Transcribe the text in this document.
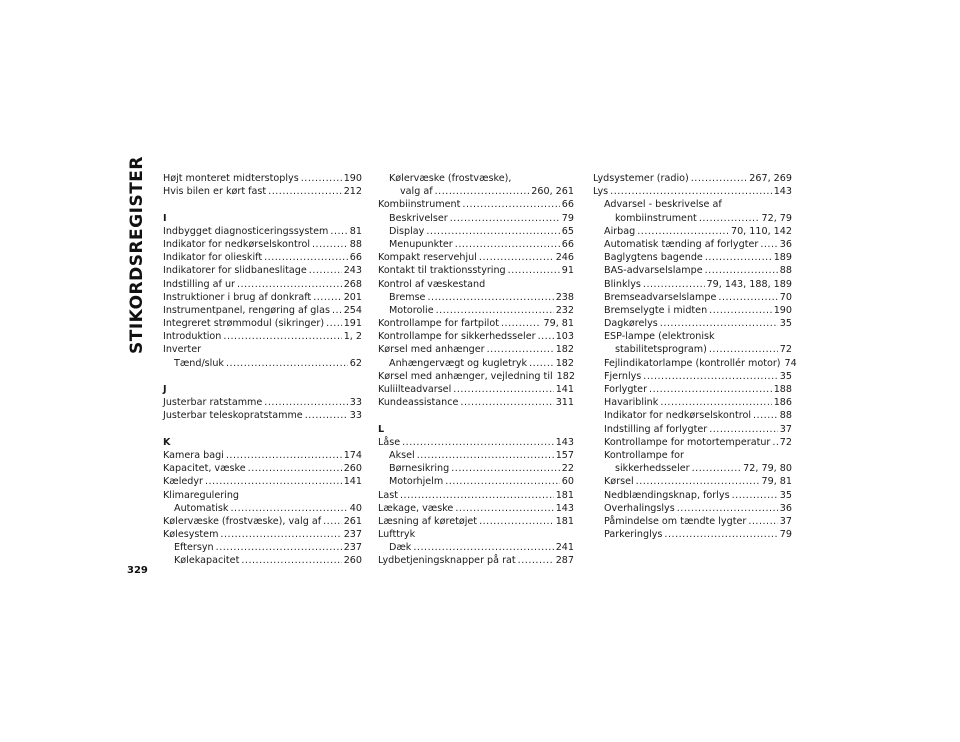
STIKORDSREGISTER Højt monteret midterstoplys .....	190
Hvis bilen er kørt fast .....	212
I
Indbygget diagnosticeringssystem ..... 81
Indikator for nedkørselskontrol .....	88
Indikator for olieskift .....	66
Indikatorer for slidbaneslitage .....	243
Indstilling af ur .....	268
Instruktioner i brug af donkraft .....	201
Instrumentpanel, rengøring af glas ..... 254
Integreret strømmodul (sikringer) ..... 191
Introduktion .....	1, 2
Inverter
Tænd/sluk .....	62
J
Justerbar ratstamme .....	33
Justerbar teleskopratstamme .....	33
K
Kamera bagi .....	174
Kapacitet, væske .....	260
Kæledyr .....	141
Klimaregulering
Automatisk .....	40
Kølervæske (frostvæske), valg af ..... 261
Kølesystem .....	237
Eftersyn .....	237
Kølekapacitet .....	260
Kølervæske (frostvæske),
valg af .....	260, 261
Kombiinstrument .....	66
Beskrivelser .....	79
Display .....	65
Menupunkter .....	66
Kompakt reservehjul .....	246
Kontakt til traktionsstyring .....	91
Kontrol af væskestand
Bremse .....	238
Motorolie .....	232
Kontrollampe for fartpilot .....	79, 81
Kontrollampe for sikkerhedsseler ..... 103
Kørsel med anhænger .....	182
Anhængervægt og kugletryk .....	182
Kørsel med anhænger, vejledning til 182
Kuliilteadvarsel .....	141
Kundeassistance .....	311
L
Låse .....	143
Aksel .....	157
Børnesikring .....	22
Motorhjelm .....	60
Last .....	181
Lækage, væske .....	143
Læsning af køretøjet .....	181
Lufttryk
Dæk .....	241
Lydbetjeningsknapper på rat .....	287
Lydsystemer (radio) .....	267, 269
Lys .....	143
Advarsel - beskrivelse af
kombiinstrument .....	72, 79
Airbag .....	70, 110, 142
Automatisk tænding af forlygter ..... 36
Baglygtens bagende .....	189
BAS-advarselslampe .....	88
Blinklys .....	79, 143, 188, 189
Bremseadvarselslampe .....	70
Bremselygte i midten .....	190
Dagkørelys .....	35
ESP-lampe (elektronisk
stabilitetsprogram) .....	72
Fejlindikatorlampe (kontrollér motor) 74
Fjernlys .....	35
Forlygter .....	188
Havariblink .....	186
Indikator for nedkørselskontrol .....	88
Indstilling af forlygter .....	37
Kontrollampe for motortemperatur ..... 72
Kontrollampe for
sikkerhedsseler .....	72, 79, 80
Kørsel .....	79, 81
Nedblændingsknap, forlys .....	35
Overhalingslys .....	36
Påmindelse om tændte lygter .....	37
Parkeringlys .....	79
329
